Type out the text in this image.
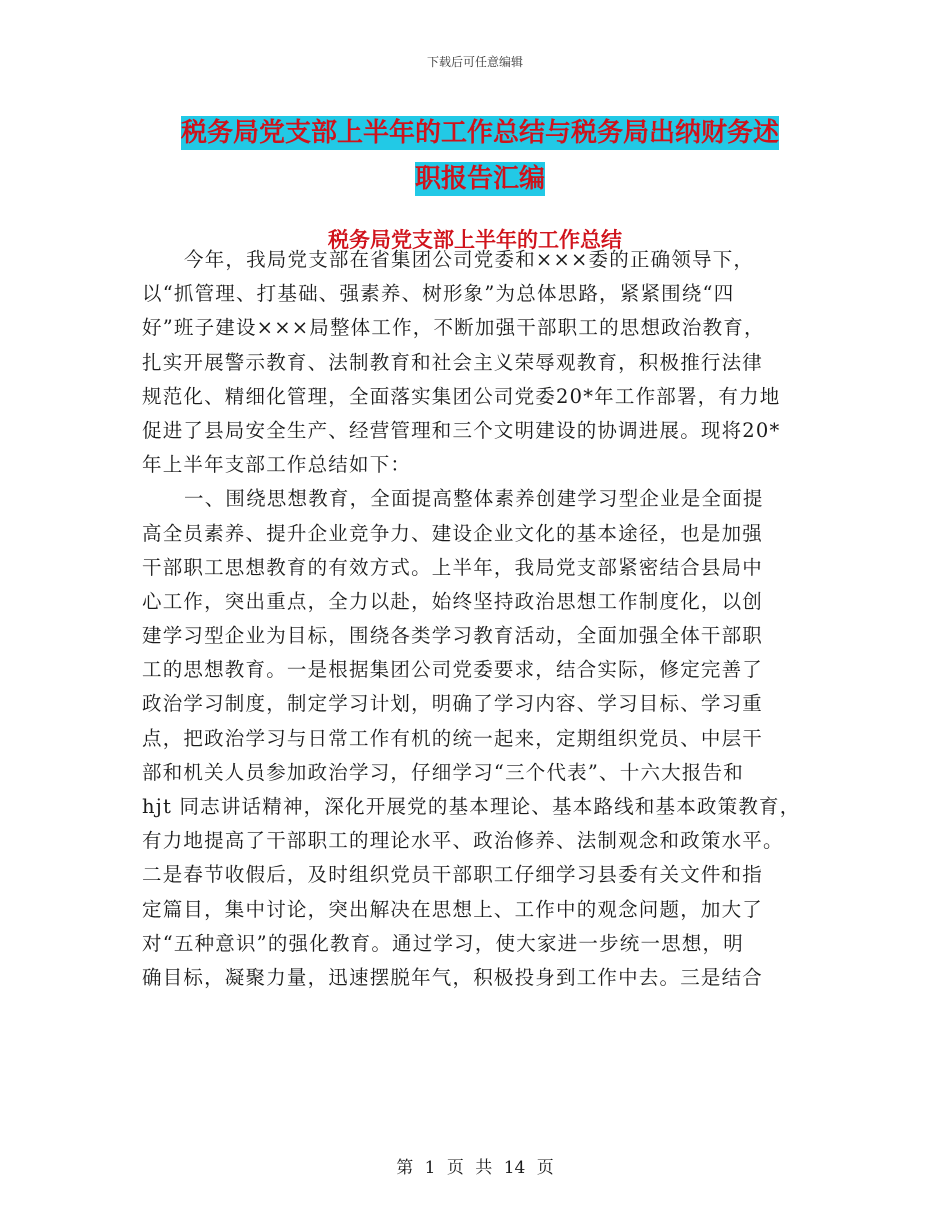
下载后可任意编辑
税务局党支部上半年的工作总结与税务局出纳财务述
职报告汇编
税务局党支部上半年的工作总结
今年，我局党支部在省集团公司党委和×××委的正确领导下，
以“抓管理、打基础、强素养、树形象”为总体思路，紧紧围绕“四
好”班子建设×××局整体工作，不断加强干部职工的思想政治教育，
扎实开展警示教育、法制教育和社会主义荣辱观教育，积极推行法律
规范化、精细化管理，全面落实集团公司党委20*年工作部署，有力地
促进了县局安全生产、经营管理和三个文明建设的协调进展。现将20*
年上半年支部工作总结如下：
一、围绕思想教育，全面提高整体素养创建学习型企业是全面提
高全员素养、提升企业竞争力、建设企业文化的基本途径，也是加强
干部职工思想教育的有效方式。上半年，我局党支部紧密结合县局中
心工作，突出重点，全力以赴，始终坚持政治思想工作制度化，以创
建学习型企业为目标，围绕各类学习教育活动，全面加强全体干部职
工的思想教育。一是根据集团公司党委要求，结合实际，修定完善了
政治学习制度，制定学习计划，明确了学习内容、学习目标、学习重
点，把政治学习与日常工作有机的统一起来，定期组织党员、中层干
部和机关人员参加政治学习，仔细学习“三个代表”、十六大报告和
hjt 同志讲话精神，深化开展党的基本理论、基本路线和基本政策教育，
有力地提高了干部职工的理论水平、政治修养、法制观念和政策水平。
二是春节收假后，及时组织党员干部职工仔细学习县委有关文件和指
定篇目，集中讨论，突出解决在思想上、工作中的观念问题，加大了
对“五种意识”的强化教育。通过学习，使大家进一步统一思想，明
确目标，凝聚力量，迅速摆脱年气，积极投身到工作中去。三是结合
第 1 页 共 14 页
